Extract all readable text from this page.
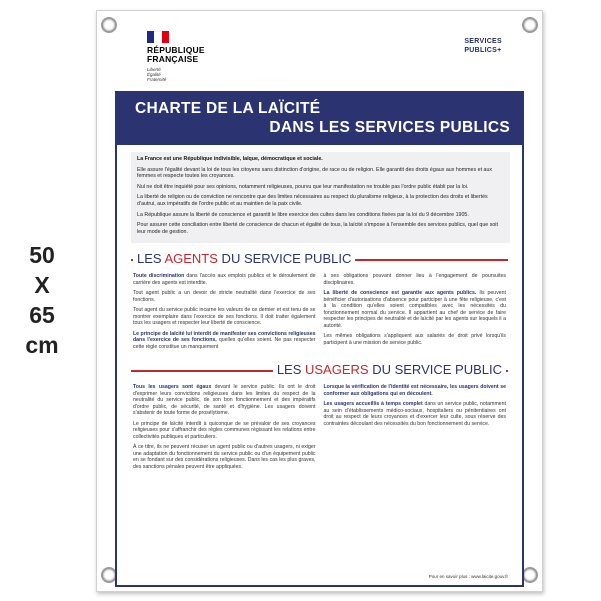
50
X
65
cm
RÉPUBLIQUE
FRANÇAISE
Liberté
Égalité
Fraternité
SERVICES
PUBLICS+
CHARTE DE LA LAÏCITÉ
DANS LES SERVICES PUBLICS

La France est une République indivisible, laïque, démocratique et sociale.

Elle assure l'égalité devant la loi de tous les citoyens sans distinction d'origine, de race ou de religion. Elle garantit des droits égaux aux hommes et aux femmes et respecte toutes les croyances.

Nul ne doit être inquiété pour ses opinions, notamment religieuses, pourvu que leur manifestation ne trouble pas l'ordre public établi par la loi.

La liberté de religion ou de conviction ne rencontre que des limites nécessaires au respect du pluralisme religieux, à la protection des droits et libertés d'autrui, aux impératifs de l'ordre public et au maintien de la paix civile.

La République assure la liberté de conscience et garantit le libre exercice des cultes dans les conditions fixées par la loi du 9 décembre 1905.

Pour assurer cette conciliation entre liberté de conscience de chacun et égalité de tous, la laïcité s'impose à l'ensemble des services publics, quel que soit leur mode de gestion.

LES AGENTS DU SERVICE PUBLIC

Toute discrimination dans l'accès aux emplois publics et le déroulement de carrière des agents est interdite.

Tout agent public a un devoir de stricte neutralité dans l'exercice de ses fonctions.

Tout agent du service public incarne les valeurs de ce dernier et est tenu de se montrer exemplaire dans l'exercice de ses fonctions. Il doit traiter également tous les usagers et respecter leur liberté de conscience.

Le principe de laïcité lui interdit de manifester ses convictions religieuses dans l'exercice de ses fonctions, quelles qu'elles soient. Ne pas respecter cette règle constitue un manquement

à ses obligations pouvant donner lieu à l'engagement de poursuites disciplinaires.

La liberté de conscience est garantie aux agents publics. Ils peuvent bénéficier d'autorisations d'absence pour participer à une fête religieuse, c'est à la condition qu'elles soient compatibles avec les nécessités du fonctionnement normal du service. Il appartient au chef de service de faire respecter les principes de neutralité et de laïcité par les agents sur lesquels il a autorité.

Les mêmes obligations s'appliquent aux salariés de droit privé lorsqu'ils participent à une mission de service public.

LES USAGERS DU SERVICE PUBLIC

Tous les usagers sont égaux devant le service public. Ils ont le droit d'exprimer leurs convictions religieuses dans les limites du respect de la neutralité du service public, de son bon fonctionnement et des impératifs d'ordre public, de sécurité, de santé et d'hygiène. Les usagers doivent s'abstenir de toute forme de prosélytisme.

Le principe de laïcité interdit à quiconque de se prévaloir de ses croyances religieuses pour s'affranchir des règles communes régissant les relations entre collectivités publiques et particuliers.

À ce titre, ils ne peuvent récuser un agent public ou d'autres usagers, ni exiger une adaptation du fonctionnement du service public ou d'un équipement public en se fondant sur des considérations religieuses. Dans les cas les plus graves, des sanctions pénales peuvent être appliquées.

Lorsque la vérification de l'identité est nécessaire, les usagers doivent se conformer aux obligations qui en découlent.

Les usagers accueillis à temps complet dans un service public, notamment au sein d'établissements médico-sociaux, hospitaliers ou pénitentiaires ont droit au respect de leurs croyances et d'exercer leur culte, sous réserve des contraintes découlant des nécessités du bon fonctionnement du service.

Pour en savoir plus : www.laicite.gouv.fr
